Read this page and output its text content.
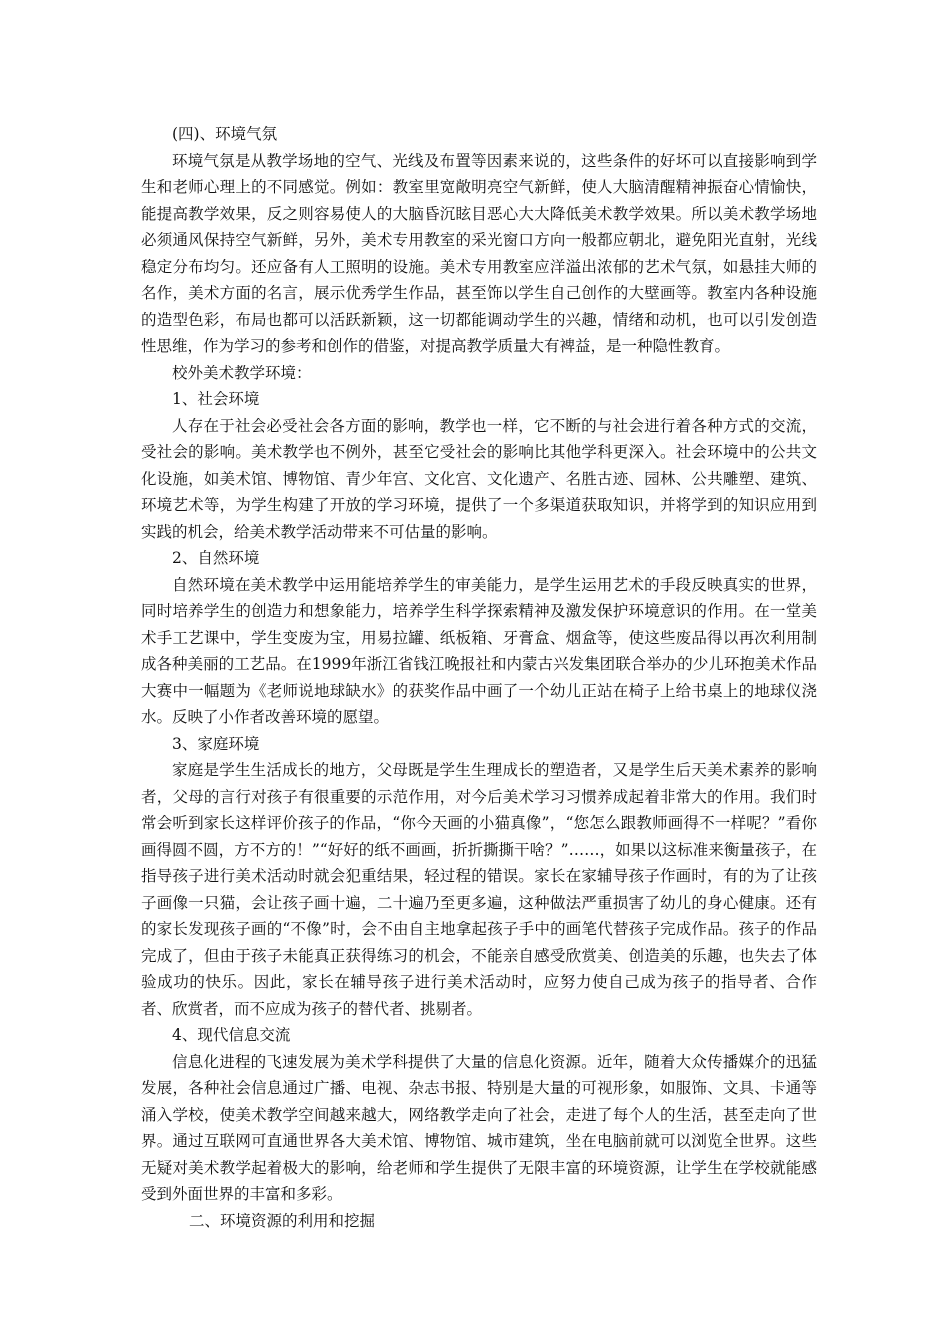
(四)、环境气氛

环境气氛是从教学场地的空气、光线及布置等因素来说的，这些条件的好坏可以直接影响到学生和老师心理上的不同感觉。例如：教室里宽敞明亮空气新鲜，使人大脑清醒精神振奋心情愉快，能提高教学效果，反之则容易使人的大脑昏沉眩目恶心大大降低美术教学效果。所以美术教学场地必须通风保持空气新鲜，另外，美术专用教室的采光窗口方向一般都应朝北，避免阳光直射，光线稳定分布均匀。还应备有人工照明的设施。美术专用教室应洋溢出浓郁的艺术气氛，如悬挂大师的名作，美术方面的名言，展示优秀学生作品，甚至饰以学生自己创作的大壁画等。教室内各种设施的造型色彩，布局也都可以活跃新颖，这一切都能调动学生的兴趣，情绪和动机，也可以引发创造性思维，作为学习的参考和创作的借鉴，对提高教学质量大有裨益，是一种隐性教育。

校外美术教学环境：

1、社会环境

人存在于社会必受社会各方面的影响，教学也一样，它不断的与社会进行着各种方式的交流，受社会的影响。美术教学也不例外，甚至它受社会的影响比其他学科更深入。社会环境中的公共文化设施，如美术馆、博物馆、青少年宫、文化宫、文化遗产、名胜古迹、园林、公共雕塑、建筑、环境艺术等，为学生构建了开放的学习环境，提供了一个多渠道获取知识，并将学到的知识应用到实践的机会，给美术教学活动带来不可估量的影响。

2、自然环境

自然环境在美术教学中运用能培养学生的审美能力，是学生运用艺术的手段反映真实的世界，同时培养学生的创造力和想象能力，培养学生科学探索精神及激发保护环境意识的作用。在一堂美术手工艺课中，学生变废为宝，用易拉罐、纸板箱、牙膏盒、烟盒等，使这些废品得以再次利用制成各种美丽的工艺品。在1999年浙江省钱江晚报社和内蒙古兴发集团联合举办的少儿环抱美术作品大赛中一幅题为《老师说地球缺水》的获奖作品中画了一个幼儿正站在椅子上给书桌上的地球仪浇水。反映了小作者改善环境的愿望。

3、家庭环境

家庭是学生生活成长的地方，父母既是学生生理成长的塑造者，又是学生后天美术素养的影响者，父母的言行对孩子有很重要的示范作用，对今后美术学习习惯养成起着非常大的作用。我们时常会听到家长这样评价孩子的作品，“你今天画的小猫真像”，“您怎么跟教师画得不一样呢？”看你画得圆不圆，方不方的！”“好好的纸不画画，折折撕撕干啥？”……，如果以这标准来衡量孩子，在指导孩子进行美术活动时就会犯重结果，轻过程的错误。家长在家辅导孩子作画时，有的为了让孩子画像一只猫，会让孩子画十遍，二十遍乃至更多遍，这种做法严重损害了幼儿的身心健康。还有的家长发现孩子画的“不像”时，会不由自主地拿起孩子手中的画笔代替孩子完成作品。孩子的作品完成了，但由于孩子未能真正获得练习的机会，不能亲自感受欣赏美、创造美的乐趣，也失去了体验成功的快乐。因此，家长在辅导孩子进行美术活动时，应努力使自己成为孩子的指导者、合作者、欣赏者，而不应成为孩子的替代者、挑剔者。

4、现代信息交流

信息化进程的飞速发展为美术学科提供了大量的信息化资源。近年，随着大众传播媒介的迅猛发展，各种社会信息通过广播、电视、杂志书报、特别是大量的可视形象，如服饰、文具、卡通等涌入学校，使美术教学空间越来越大，网络教学走向了社会，走进了每个人的生活，甚至走向了世界。通过互联网可直通世界各大美术馆、博物馆、城市建筑，坐在电脑前就可以浏览全世界。这些无疑对美术教学起着极大的影响，给老师和学生提供了无限丰富的环境资源，让学生在学校就能感受到外面世界的丰富和多彩。

二、环境资源的利用和挖掘
